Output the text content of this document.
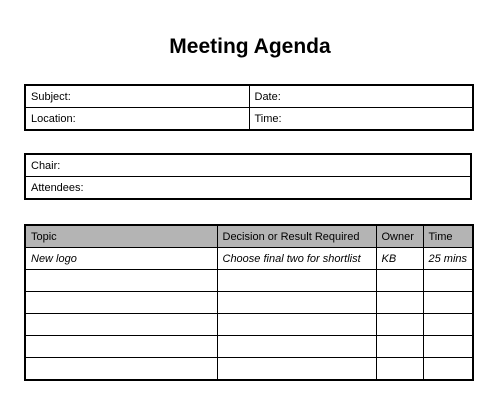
Meeting Agenda
Subject:	Date:
Location:	Time:
Chair:
Attendees:
Topic	Decision or Result Required	Owner	Time
New logo	Choose final two for shortlist	KB	25 mins
